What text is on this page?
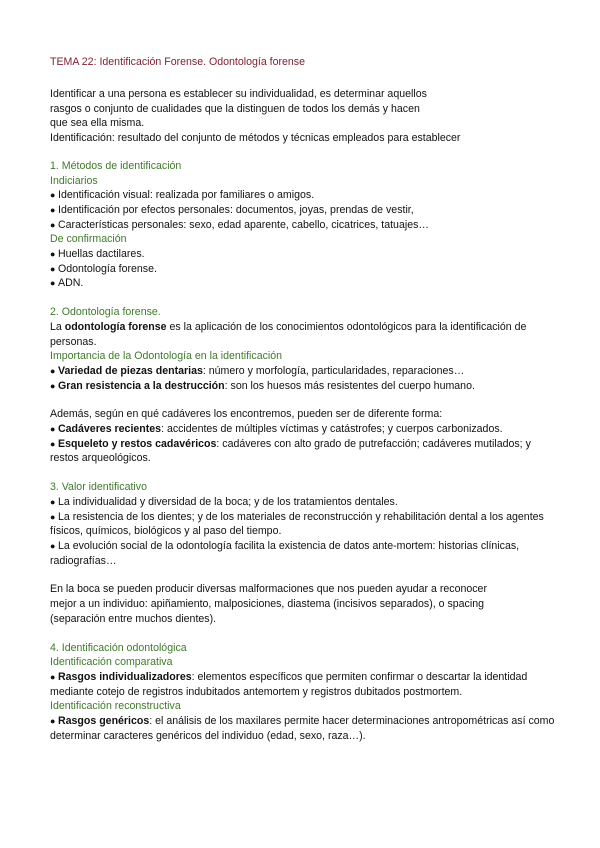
TEMA 22: Identificación Forense. Odontología forense

Identificar a una persona es establecer su individualidad, es determinar aquellos rasgos o conjunto de cualidades que la distinguen de todos los demás y hacen que sea ella misma.

Identificación: resultado del conjunto de métodos y técnicas empleados para establecer

1. Métodos de identificación
Indiciarios
● Identificación visual: realizada por familiares o amigos.
● Identificación por efectos personales: documentos, joyas, prendas de vestir,
● Características personales: sexo, edad aparente, cabello, cicatrices, tatuajes…
De confirmación
● Huellas dactilares.
● Odontología forense.
● ADN.
2. Odontología forense.

La odontología forense es la aplicación de los conocimientos odontológicos para la identificación de personas.

Importancia de la Odontología en la identificación
● Variedad de piezas dentarias: número y morfología, particularidades, reparaciones…
● Gran resistencia a la destrucción: son los huesos más resistentes del cuerpo humano.

Además, según en qué cadáveres los encontremos, pueden ser de diferente forma:

● Cadáveres recientes: accidentes de múltiples víctimas y catástrofes; y cuerpos carbonizados.
● Esqueleto y restos cadavéricos: cadáveres con alto grado de putrefacción; cadáveres mutilados; y restos arqueológicos.
3. Valor identificativo
● La individualidad y diversidad de la boca; y de los tratamientos dentales.
● La resistencia de los dientes; y de los materiales de reconstrucción y rehabilitación dental a los agentes físicos, químicos, biológicos y al paso del tiempo.
● La evolución social de la odontología facilita la existencia de datos ante-mortem: historias clínicas, radiografías…

En la boca se pueden producir diversas malformaciones que nos pueden ayudar a reconocer mejor a un individuo: apiñamiento, malposiciones, diastema (incisivos separados), o spacing (separación entre muchos dientes).

4. Identificación odontológica
Identificación comparativa
● Rasgos individualizadores: elementos específicos que permiten confirmar o descartar la identidad mediante cotejo de registros indubitados antemortem y registros dubitados postmortem.
Identificación reconstructiva
● Rasgos genéricos: el análisis de los maxilares permite hacer determinaciones antropométricas así como determinar caracteres genéricos del individuo (edad, sexo, raza…).
